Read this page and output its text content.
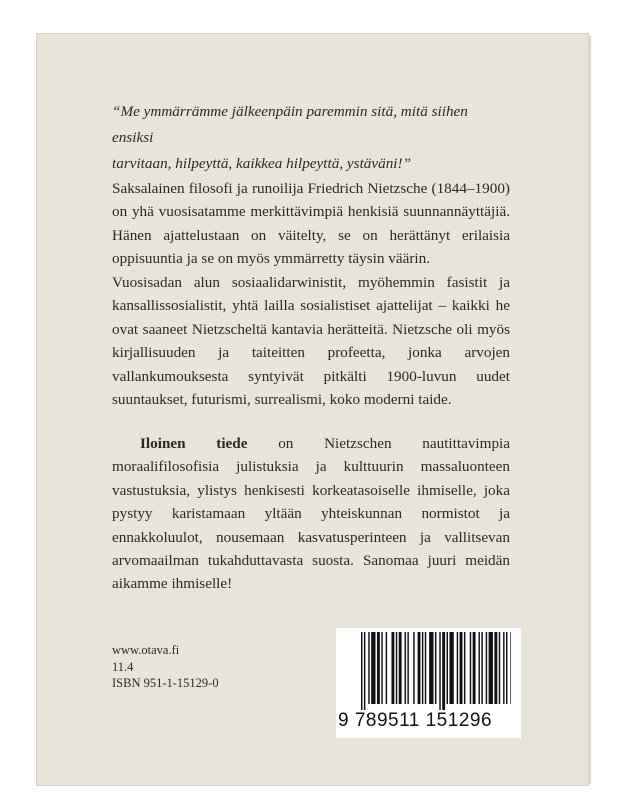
“Me ymmärrämme jälkeenpäin paremmin sitä, mitä siihen ensiksi
tarvitaan, hilpeyttä, kaikkea hilpeyttä, ystäväni!”

Saksalainen filosofi ja runoilija Friedrich Nietzsche (1844–1900) on yhä vuosisatamme merkittävimpiä henkisiä suunnannäyttäjiä. Hänen ajattelustaan on väitelty, se on herättänyt erilaisia oppisuuntia ja se on myös ymmärretty täysin väärin.

Vuosisadan alun sosiaalidarwinistit, myöhemmin fasistit ja kansallissosialistit, yhtä lailla sosialistiset ajattelijat – kaikki he ovat saaneet Nietzscheltä kantavia herätteitä. Nietzsche oli myös kirjallisuuden ja taiteitten profeetta, jonka arvojen vallankumouksesta syntyivät pitkälti 1900-luvun uudet suuntaukset, futurismi, surrealismi, koko moderni taide.

Iloinen tiede on Nietzschen nautittavimpia moraalifilosofisia julistuksia ja kulttuurin massaluonteen vastustuksia, ylistys henkisesti korkeatasoiselle ihmiselle, joka pystyy karistamaan yltään yhteiskunnan normistot ja ennakkoluulot, nousemaan kasvatusperinteen ja vallitsevan arvomaailman tukahduttavasta suosta. Sanomaa juuri meidän aikamme ihmiselle!

www.otava.fi
11.4
ISBN 951-1-15129-0
9 789511 151296
